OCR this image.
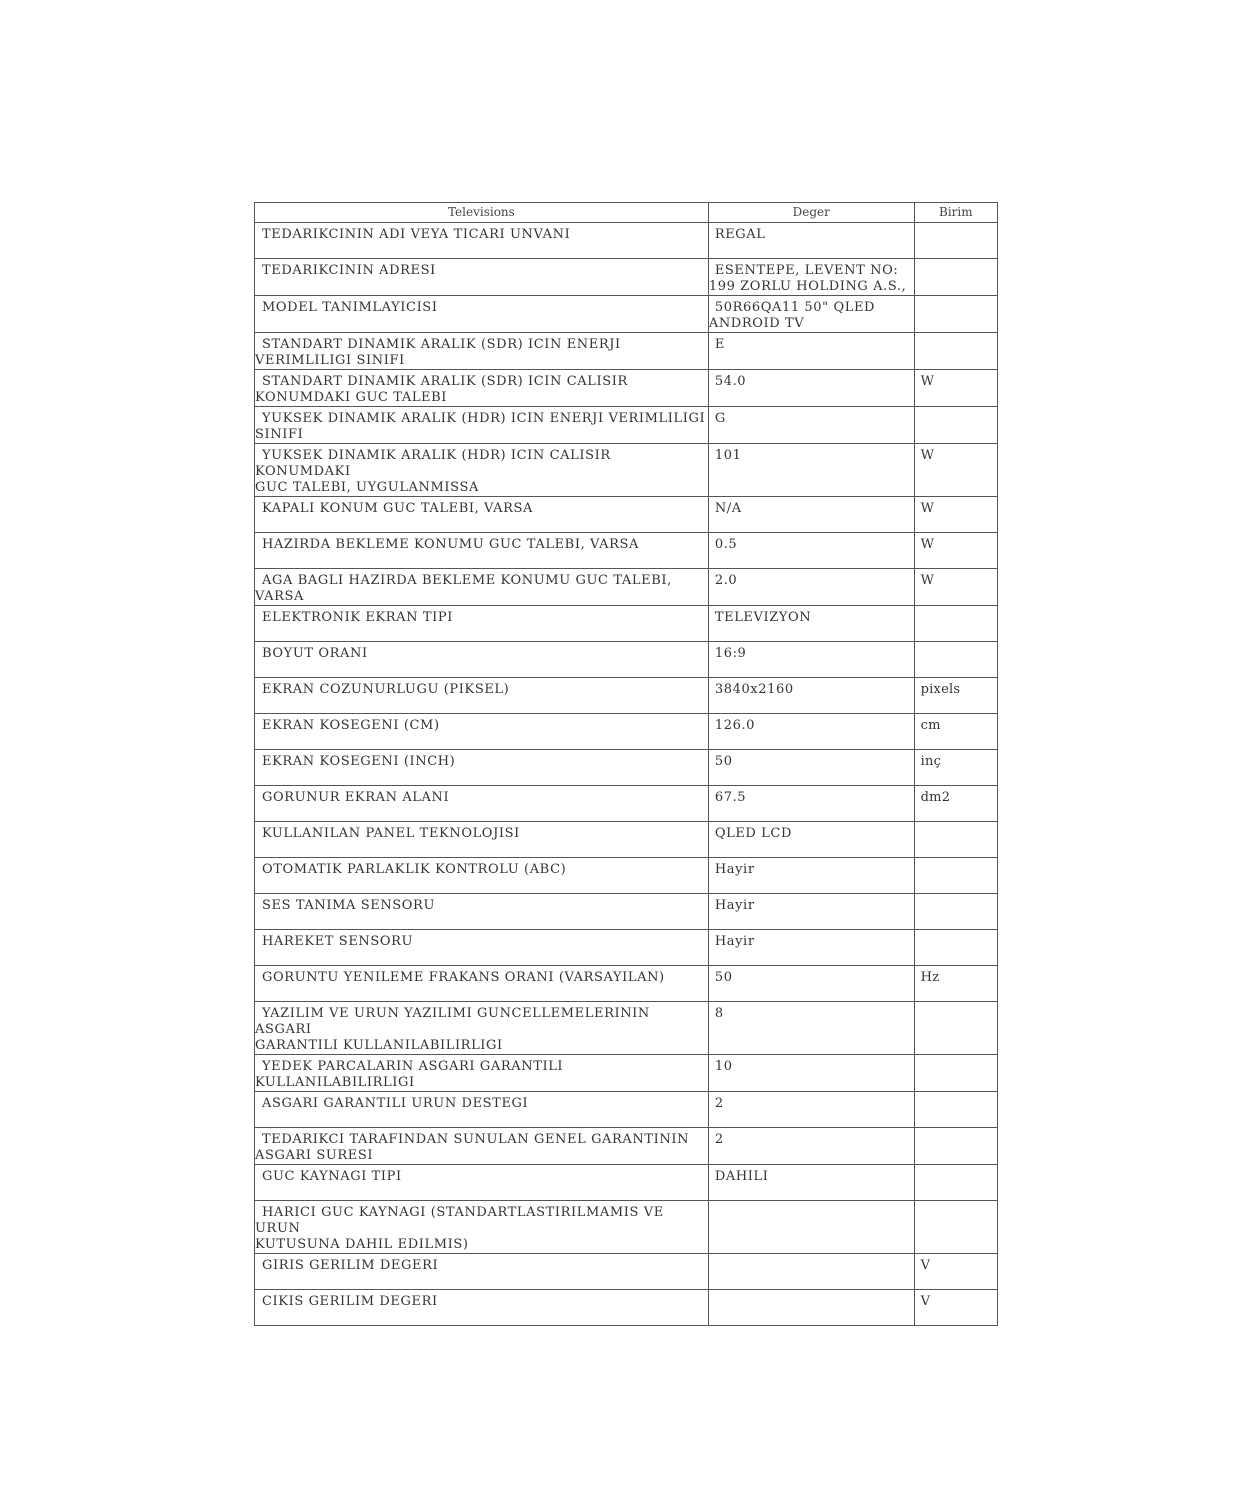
Televisions	Deger	Birim

TEDARIKCININ ADI VEYA TICARI UNVANI	REGAL	

TEDARIKCININ ADRESI	ESENTEPE, LEVENT NO:
199 ZORLU HOLDING A.S.,	

MODEL TANIMLAYICISI	50R66QA11 50" QLED
ANDROID TV	

STANDART DINAMIK ARALIK (SDR) ICIN ENERJI
VERIMLILIGI SINIFI	E	

STANDART DINAMIK ARALIK (SDR) ICIN CALISIR
KONUMDAKI GUC TALEBI	54.0	W

YUKSEK DINAMIK ARALIK (HDR) ICIN ENERJI VERIMLILIGI
SINIFI	G	

YUKSEK DINAMIK ARALIK (HDR) ICIN CALISIR KONUMDAKI
GUC TALEBI, UYGULANMISSA	101	W

KAPALI KONUM GUC TALEBI, VARSA	N/A	W

HAZIRDA BEKLEME KONUMU GUC TALEBI, VARSA	0.5	W

AGA BAGLI HAZIRDA BEKLEME KONUMU GUC TALEBI,
VARSA	2.0	W

ELEKTRONIK EKRAN TIPI	TELEVIZYON	

BOYUT ORANI	16:9	

EKRAN COZUNURLUGU (PIKSEL)	3840x2160	pixels

EKRAN KOSEGENI (CM)	126.0	cm

EKRAN KOSEGENI (INCH)	50	inç

GORUNUR EKRAN ALANI	67.5	dm2

KULLANILAN PANEL TEKNOLOJISI	QLED LCD	

OTOMATIK PARLAKLIK KONTROLU (ABC)	Hayir	

SES TANIMA SENSORU	Hayir	

HAREKET SENSORU	Hayir	

GORUNTU YENILEME FRAKANS ORANI (VARSAYILAN)	50	Hz

YAZILIM VE URUN YAZILIMI GUNCELLEMELERININ ASGARI
GARANTILI KULLANILABILIRLIGI	8	

YEDEK PARCALARIN ASGARI GARANTILI
KULLANILABILIRLIGI	10	

ASGARI GARANTILI URUN DESTEGI	2	

TEDARIKCI TARAFINDAN SUNULAN GENEL GARANTININ
ASGARI SURESI	2	

GUC KAYNAGI TIPI	DAHILI	

HARICI GUC KAYNAGI (STANDARTLASTIRILMAMIS VE URUN
KUTUSUNA DAHIL EDILMIS)		

GIRIS GERILIM DEGERI		V

CIKIS GERILIM DEGERI		V
